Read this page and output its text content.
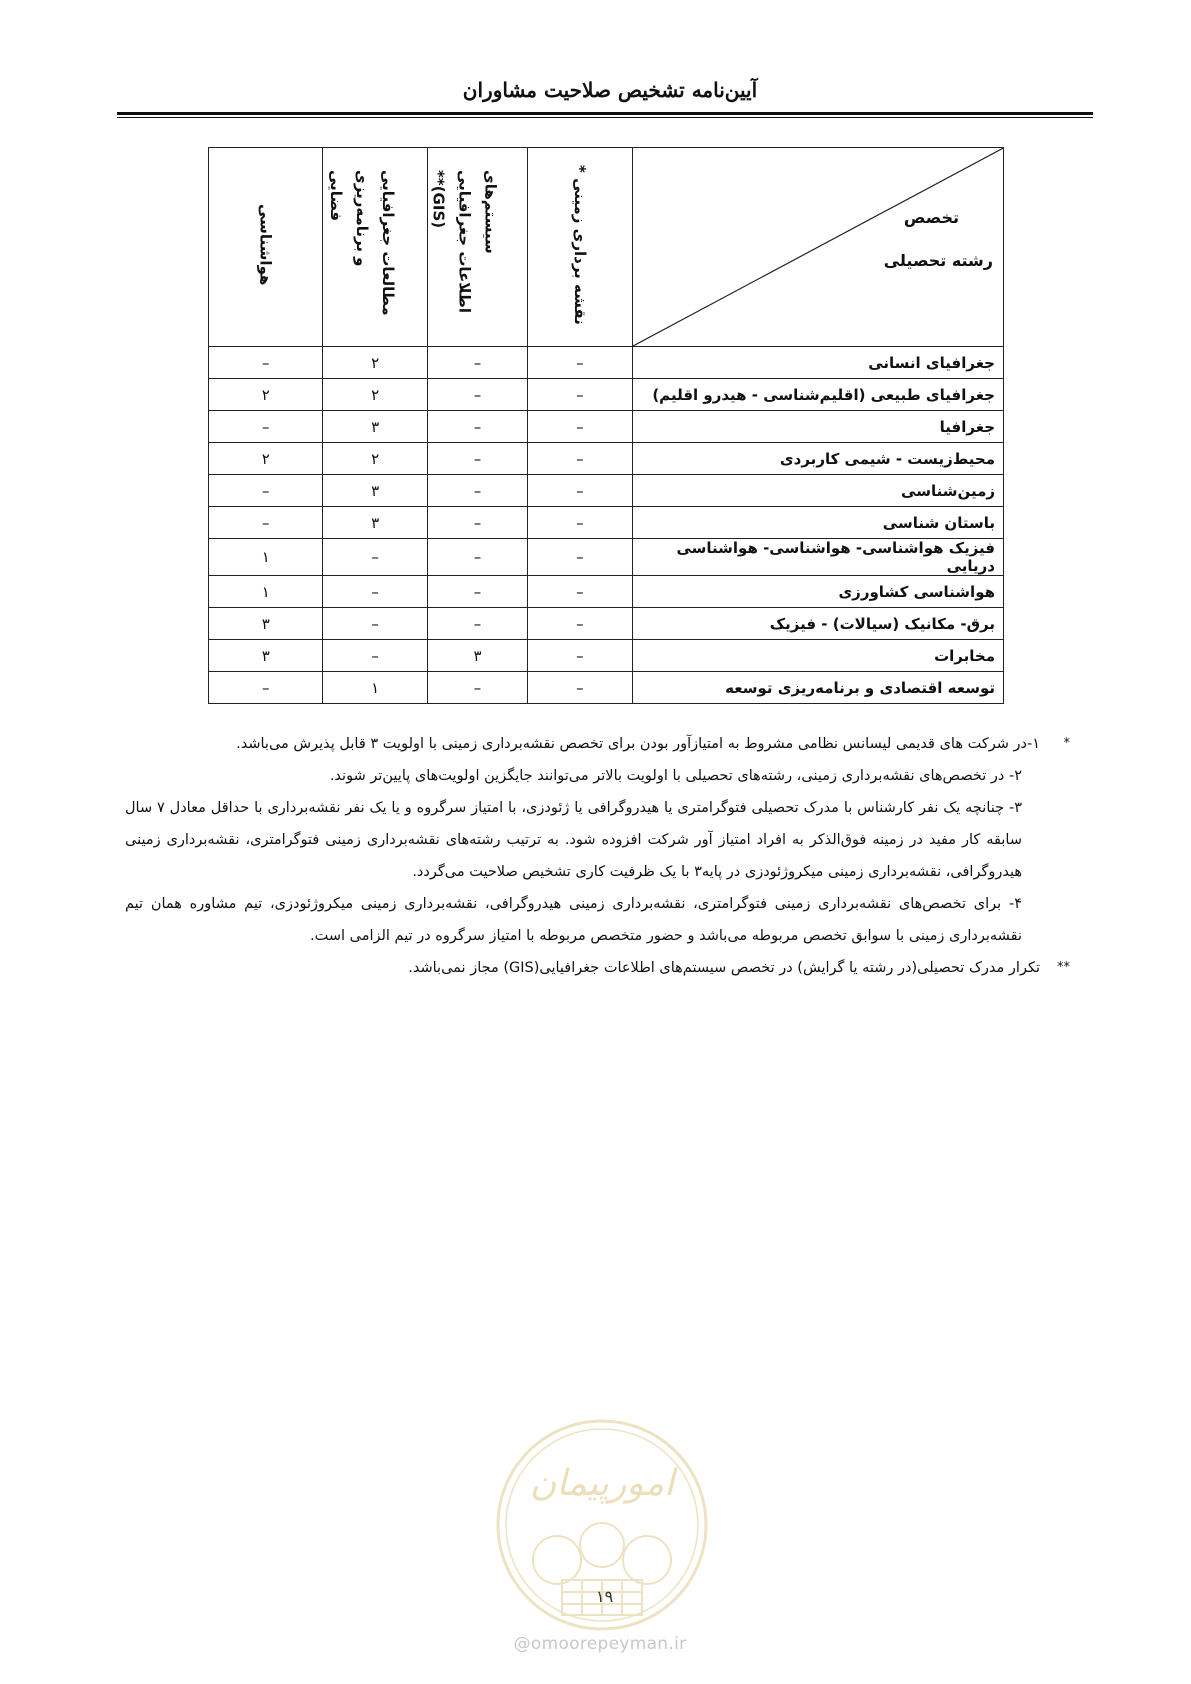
آیین‌نامه تشخیص صلاحیت مشاوران
تخصص
رشته تحصیلی	نقشه برداری زمینی *	سیستم‌های اطلاعات جغرافیایی (GIS)**	مطالعات جغرافیایی و برنامه‌ریزی فضایی	هواشناسی
جغرافیای انسانی	–	–	۲	–
جغرافیای طبیعی (اقلیم‌شناسی - هیدرو اقلیم)	–	–	۲	۲
جغرافیا	–	–	۳	–
محیط‌زیست - شیمی کاربردی	–	–	۲	۲
زمین‌شناسی	–	–	۳	–
باستان شناسی	–	–	۳	–
فیزیک هواشناسی- هواشناسی- هواشناسی دریایی	–	–	–	۱
هواشناسی کشاورزی	–	–	–	۱
برق- مکانیک (سیالات) - فیزیک	–	–	–	۳
مخابرات	–	۳	–	۳
توسعه اقتصادی و برنامه‌ریزی توسعه	–	–	۱	–
*
۱-در شرکت های قدیمی لیسانس نظامی مشروط به امتیازآور بودن برای تخصص نقشه‌برداری زمینی با اولویت ۳ قابل پذیرش می‌باشد.
۲- در تخصص‌های نقشه‌برداری زمینی، رشته‌های تحصیلی با اولویت بالاتر می‌توانند جایگزین اولویت‌های پایین‌تر شوند.
۳- چنانچه یک نفر کارشناس با مدرک تحصیلی فتوگرامتری یا هیدروگرافی یا ژئودزی، با امتیاز سرگروه و یا یک نفر نقشه‌برداری با حداقل معادل ۷ سال سابقه کار مفید در زمینه فوق‌الذکر به افراد امتیاز آور شرکت افزوده شود. به ترتیب رشته‌های نقشه‌برداری زمینی فتوگرامتری، نقشه‌برداری زمینی هیدروگرافی، نقشه‌برداری زمینی میکروژئودزی در پایه۳ با یک ظرفیت کاری تشخیص صلاحیت می‌گردد.
۴- برای تخصص‌های نقشه‌برداری زمینی فتوگرامتری، نقشه‌برداری زمینی هیدروگرافی، نقشه‌برداری زمینی میکروژئودزی، تیم مشاوره همان تیم نقشه‌برداری زمینی با سوابق تخصص مربوطه می‌باشد و حضور متخصص مربوطه با امتیاز سرگروه در تیم الزامی است.
**
تکرار مدرک تحصیلی(در رشته یا گرایش) در تخصص سیستم‌های اطلاعات جغرافیایی(GIS) مجاز نمی‌باشد.
امورپیمان
۱۹
@omoorepeyman.ir
